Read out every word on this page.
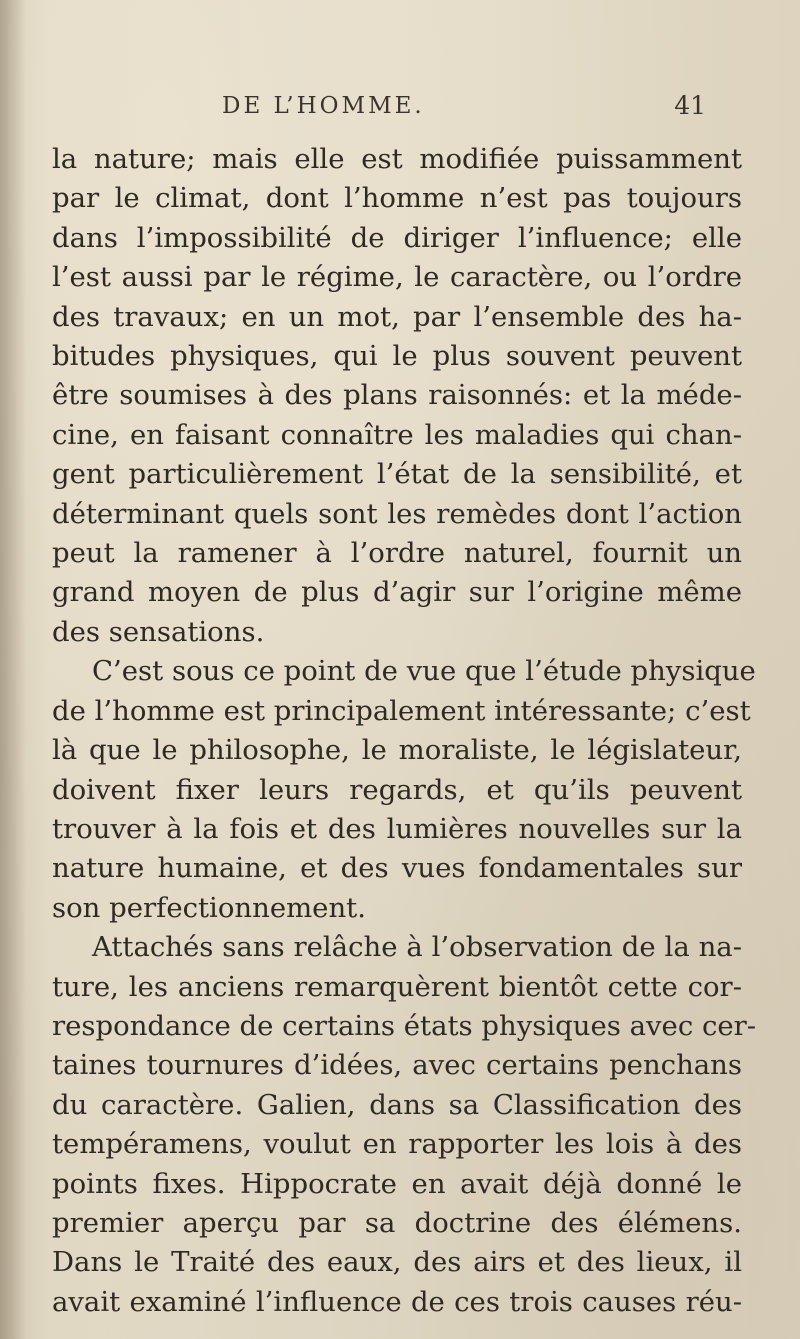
DE L’HOMME.	41
la nature; mais elle est modifiée puissamment
par le climat, dont l’homme n’est pas toujours
dans l’impossibilité de diriger l’influence; elle
l’est aussi par le régime, le caractère, ou l’ordre
des travaux; en un mot, par l’ensemble des ha-
bitudes physiques, qui le plus souvent peuvent
être soumises à des plans raisonnés: et la méde-
cine, en faisant connaître les maladies qui chan-
gent particulièrement l’état de la sensibilité, et
déterminant quels sont les remèdes dont l’action
peut la ramener à l’ordre naturel, fournit un
grand moyen de plus d’agir sur l’origine même
des sensations.
C’est sous ce point de vue que l’étude physique
de l’homme est principalement intéressante; c’est
là que le philosophe, le moraliste, le législateur,
doivent fixer leurs regards, et qu’ils peuvent
trouver à la fois et des lumières nouvelles sur la
nature humaine, et des vues fondamentales sur
son perfectionnement.
Attachés sans relâche à l’observation de la na-
ture, les anciens remarquèrent bientôt cette cor-
respondance de certains états physiques avec cer-
taines tournures d’idées, avec certains penchans
du caractère. Galien, dans sa Classification des
tempéramens, voulut en rapporter les lois à des
points fixes. Hippocrate en avait déjà donné le
premier aperçu par sa doctrine des élémens.
Dans le Traité des eaux, des airs et des lieux, il
avait examiné l’influence de ces trois causes réu-
